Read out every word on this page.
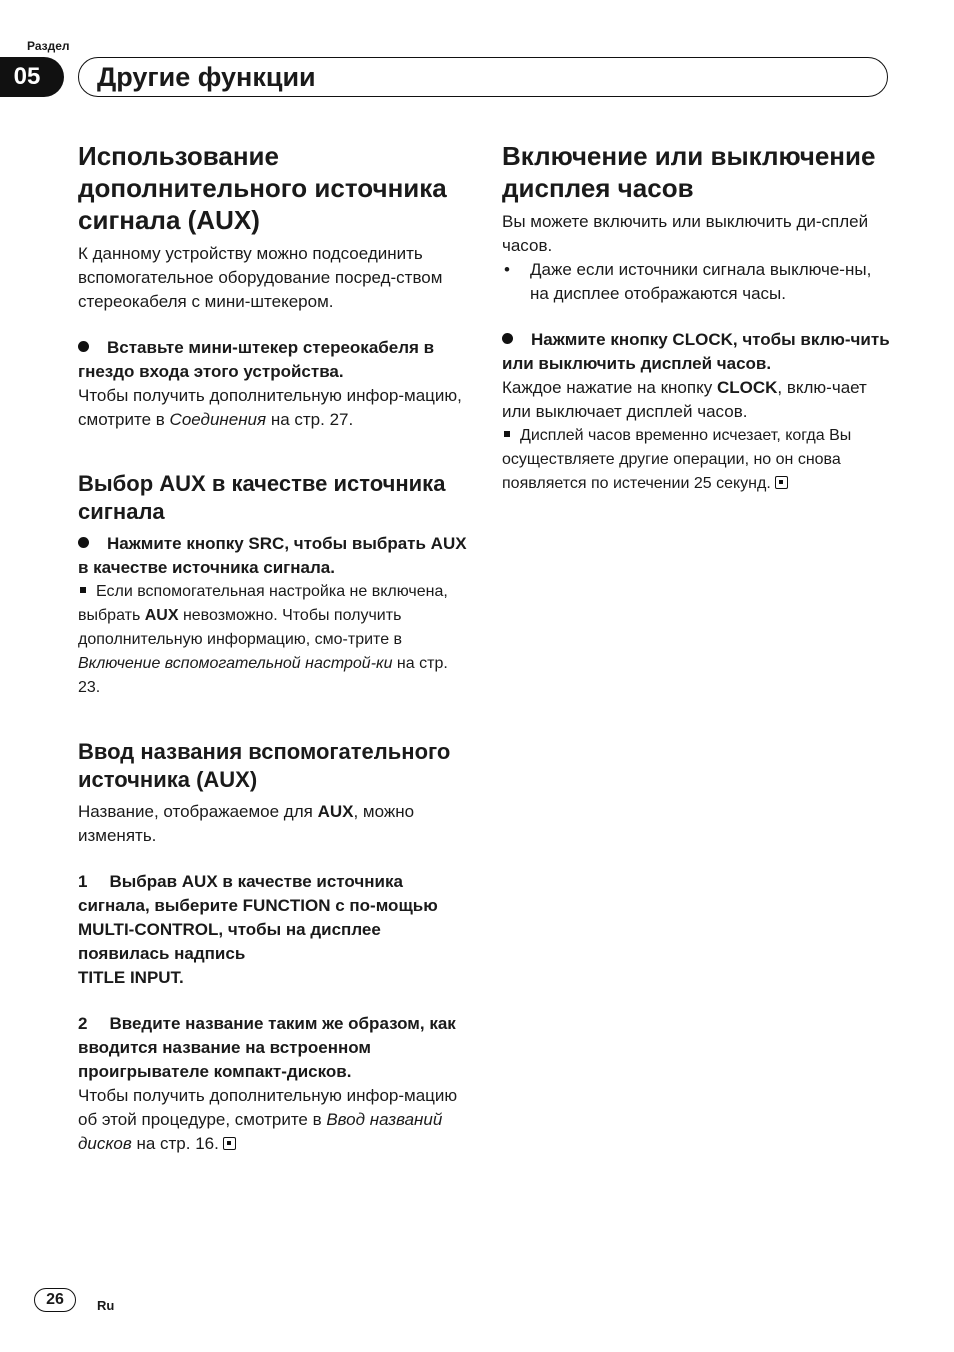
Раздел
05	Другие функции
Использование дополнительного источника сигнала (AUX)

К данному устройству можно подсоединить вспомогательное оборудование посред-ством стереокабеля с мини-штекером.

Вставьте мини-штекер стереокабеля в гнездо входа этого устройства.

Чтобы получить дополнительную инфор-мацию, смотрите в Соединения на стр. 27.

Выбор AUX в качестве источника сигнала

Нажмите кнопку SRC, чтобы выбрать AUX в качестве источника сигнала.

Если вспомогательная настройка не включена, выбрать AUX невозможно. Чтобы получить дополнительную информацию, смо-трите в Включение вспомогательной настрой-ки на стр. 23.

Ввод названия вспомогательного источника (AUX)

Название, отображаемое для AUX, можно изменять.

1 Выбрав AUX в качестве источника сигнала, выберите FUNCTION с по-мощью MULTI-CONTROL, чтобы на дисплее появилась надпись
TITLE INPUT.

2 Введите название таким же образом, как вводится название на встроенном проигрывателе компакт-дисков.

Чтобы получить дополнительную инфор-мацию об этой процедуре, смотрите в Ввод названий дисков на стр. 16.

Включение или выключение дисплея часов

Вы можете включить или выключить ди-сплей часов.

•	Даже если источники сигнала выключе-ны, на дисплее отображаются часы.

Нажмите кнопку CLOCK, чтобы вклю-чить или выключить дисплей часов.

Каждое нажатие на кнопку CLOCK, вклю-чает или выключает дисплей часов.

Дисплей часов временно исчезает, когда Вы осуществляете другие операции, но он снова появляется по истечении 25 секунд.

26	Ru
